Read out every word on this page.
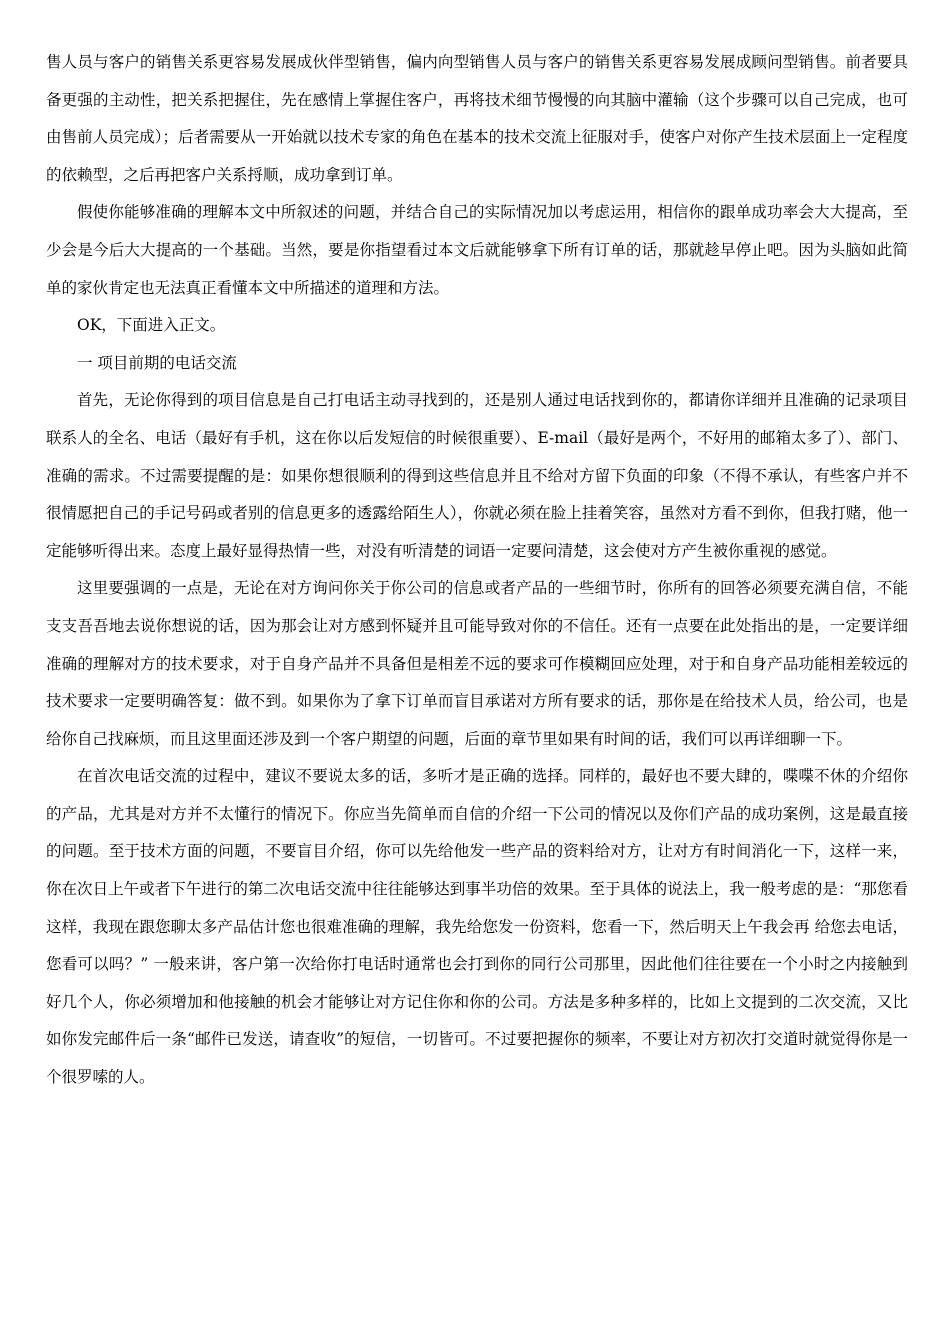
售人员与客户的销售关系更容易发展成伙伴型销售，偏内向型销售人员与客户的销售关系更容易发展成顾问型销售。前者要具备更强的主动性，把关系把握住，先在感情上掌握住客户，再将技术细节慢慢的向其脑中灌输（这个步骤可以自己完成，也可由售前人员完成）；后者需要从一开始就以技术专家的角色在基本的技术交流上征服对手，使客户对你产生技术层面上一定程度的依赖型，之后再把客户关系捋顺，成功拿到订单。

假使你能够准确的理解本文中所叙述的问题，并结合自己的实际情况加以考虑运用，相信你的跟单成功率会大大提高，至少会是今后大大提高的一个基础。当然，要是你指望看过本文后就能够拿下所有订单的话，那就趁早停止吧。因为头脑如此简单的家伙肯定也无法真正看懂本文中所描述的道理和方法。

OK，下面进入正文。

一 项目前期的电话交流

首先，无论你得到的项目信息是自己打电话主动寻找到的，还是别人通过电话找到你的，都请你详细并且准确的记录项目联系人的全名、电话（最好有手机，这在你以后发短信的时候很重要）、E-mail（最好是两个，不好用的邮箱太多了）、部门、准确的需求。不过需要提醒的是：如果你想很顺利的得到这些信息并且不给对方留下负面的印象（不得不承认，有些客户并不很情愿把自己的手记号码或者别的信息更多的透露给陌生人），你就必须在脸上挂着笑容，虽然对方看不到你，但我打赌，他一定能够听得出来。态度上最好显得热情一些，对没有听清楚的词语一定要问清楚，这会使对方产生被你重视的感觉。

这里要强调的一点是，无论在对方询问你关于你公司的信息或者产品的一些细节时，你所有的回答必须要充满自信，不能支支吾吾地去说你想说的话，因为那会让对方感到怀疑并且可能导致对你的不信任。还有一点要在此处指出的是，一定要详细准确的理解对方的技术要求，对于自身产品并不具备但是相差不远的要求可作模糊回应处理，对于和自身产品功能相差较远的技术要求一定要明确答复：做不到。如果你为了拿下订单而盲目承诺对方所有要求的话，那你是在给技术人员，给公司，也是给你自己找麻烦，而且这里面还涉及到一个客户期望的问题，后面的章节里如果有时间的话，我们可以再详细聊一下。

在首次电话交流的过程中，建议不要说太多的话，多听才是正确的选择。同样的，最好也不要大肆的，喋喋不休的介绍你的产品，尤其是对方并不太懂行的情况下。你应当先简单而自信的介绍一下公司的情况以及你们产品的成功案例，这是最直接的问题。至于技术方面的问题，不要盲目介绍，你可以先给他发一些产品的资料给对方，让对方有时间消化一下，这样一来，你在次日上午或者下午进行的第二次电话交流中往往能够达到事半功倍的效果。至于具体的说法上，我一般考虑的是：“那您看这样，我现在跟您聊太多产品估计您也很难准确的理解，我先给您发一份资料，您看一下，然后明天上午我会再 给您去电话，您看可以吗？” 一般来讲，客户第一次给你打电话时通常也会打到你的同行公司那里，因此他们往往要在一个小时之内接触到好几个人，你必须增加和他接触的机会才能够让对方记住你和你的公司。方法是多种多样的，比如上文提到的二次交流，又比如你发完邮件后一条“邮件已发送，请查收”的短信，一切皆可。不过要把握你的频率，不要让对方初次打交道时就觉得你是一个很罗嗦的人。
